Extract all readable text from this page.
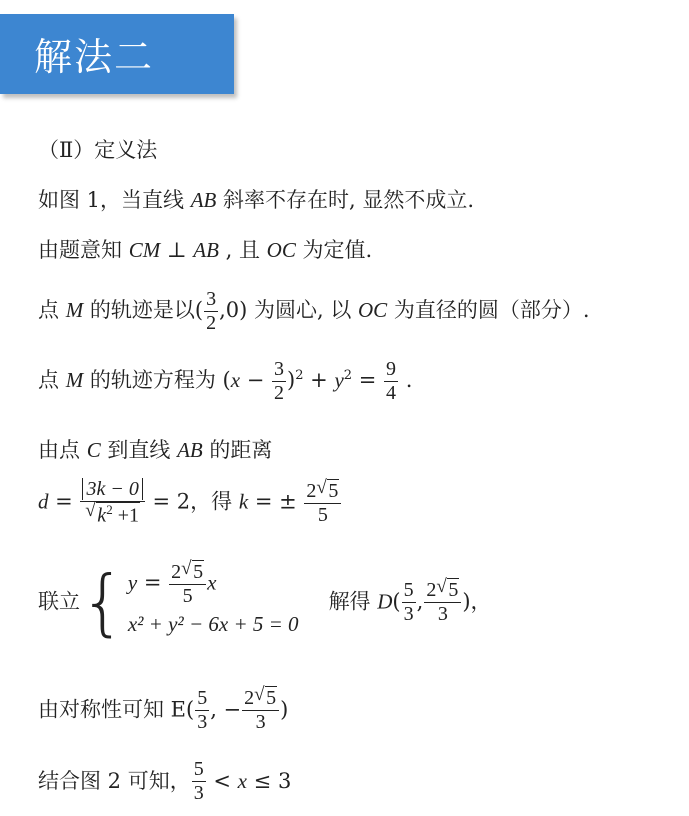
解法二
（Ⅱ）定义法
如图 1，当直线 AB 斜率不存在时, 显然不成立.
由题意知 CM ⊥ AB , 且 OC 为定值.
点 M 的轨迹是以( $\frac{3}{2} ,0$) 为圆心, 以 OC 为直径的圆（部分）.
点 M 的轨迹方程为 $(x - \frac{3}{2} )^2 + y^2 = \frac{9}{4}$ .
由点 C 到直线 AB 的距离
d = 3k − 0
√ $k^2 +1 = 2$，得 k = ± $\frac{2 √ 5}{5}$
联立{ $y = \frac{2 √ 5}{5}$ x
x² + y² − 6x + 5 = 0
解得 $D( \frac{5}{3}$ , $\frac{2 √ 5}{3}$ )，
由对称性可知 $E( \frac{5}{3}$ , − $\frac{2 √ 5}{3}$ )
结合图 2 可知， $\frac{5}{3} < x \le 3$
